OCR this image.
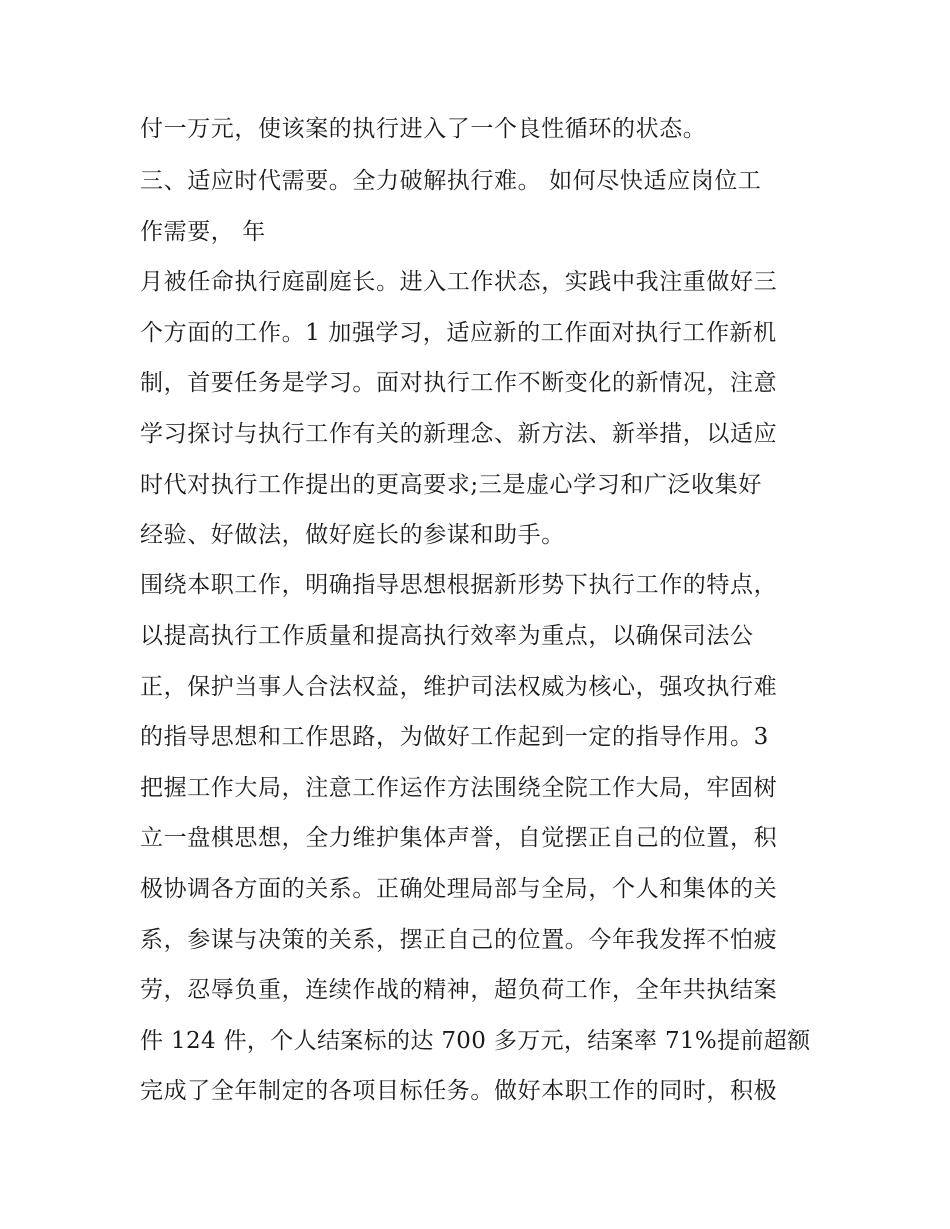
付一万元，使该案的执行进入了一个良性循环的状态。
三、适应时代需要。全力破解执行难。 如何尽快适应岗位工
作需要， 年
月被任命执行庭副庭长。进入工作状态，实践中我注重做好三
个方面的工作。1 加强学习，适应新的工作面对执行工作新机
制，首要任务是学习。面对执行工作不断变化的新情况，注意
学习探讨与执行工作有关的新理念、新方法、新举措，以适应
时代对执行工作提出的更高要求;三是虚心学习和广泛收集好
经验、好做法，做好庭长的参谋和助手。
围绕本职工作，明确指导思想根据新形势下执行工作的特点，
以提高执行工作质量和提高执行效率为重点，以确保司法公
正，保护当事人合法权益，维护司法权威为核心，强攻执行难
的指导思想和工作思路，为做好工作起到一定的指导作用。3
把握工作大局，注意工作运作方法围绕全院工作大局，牢固树
立一盘棋思想，全力维护集体声誉，自觉摆正自己的位置，积
极协调各方面的关系。正确处理局部与全局，个人和集体的关
系，参谋与决策的关系，摆正自己的位置。今年我发挥不怕疲
劳，忍辱负重，连续作战的精神，超负荷工作，全年共执结案
件 124 件，个人结案标的达 700 多万元，结案率 71%提前超额
完成了全年制定的各项目标任务。做好本职工作的同时，积极
